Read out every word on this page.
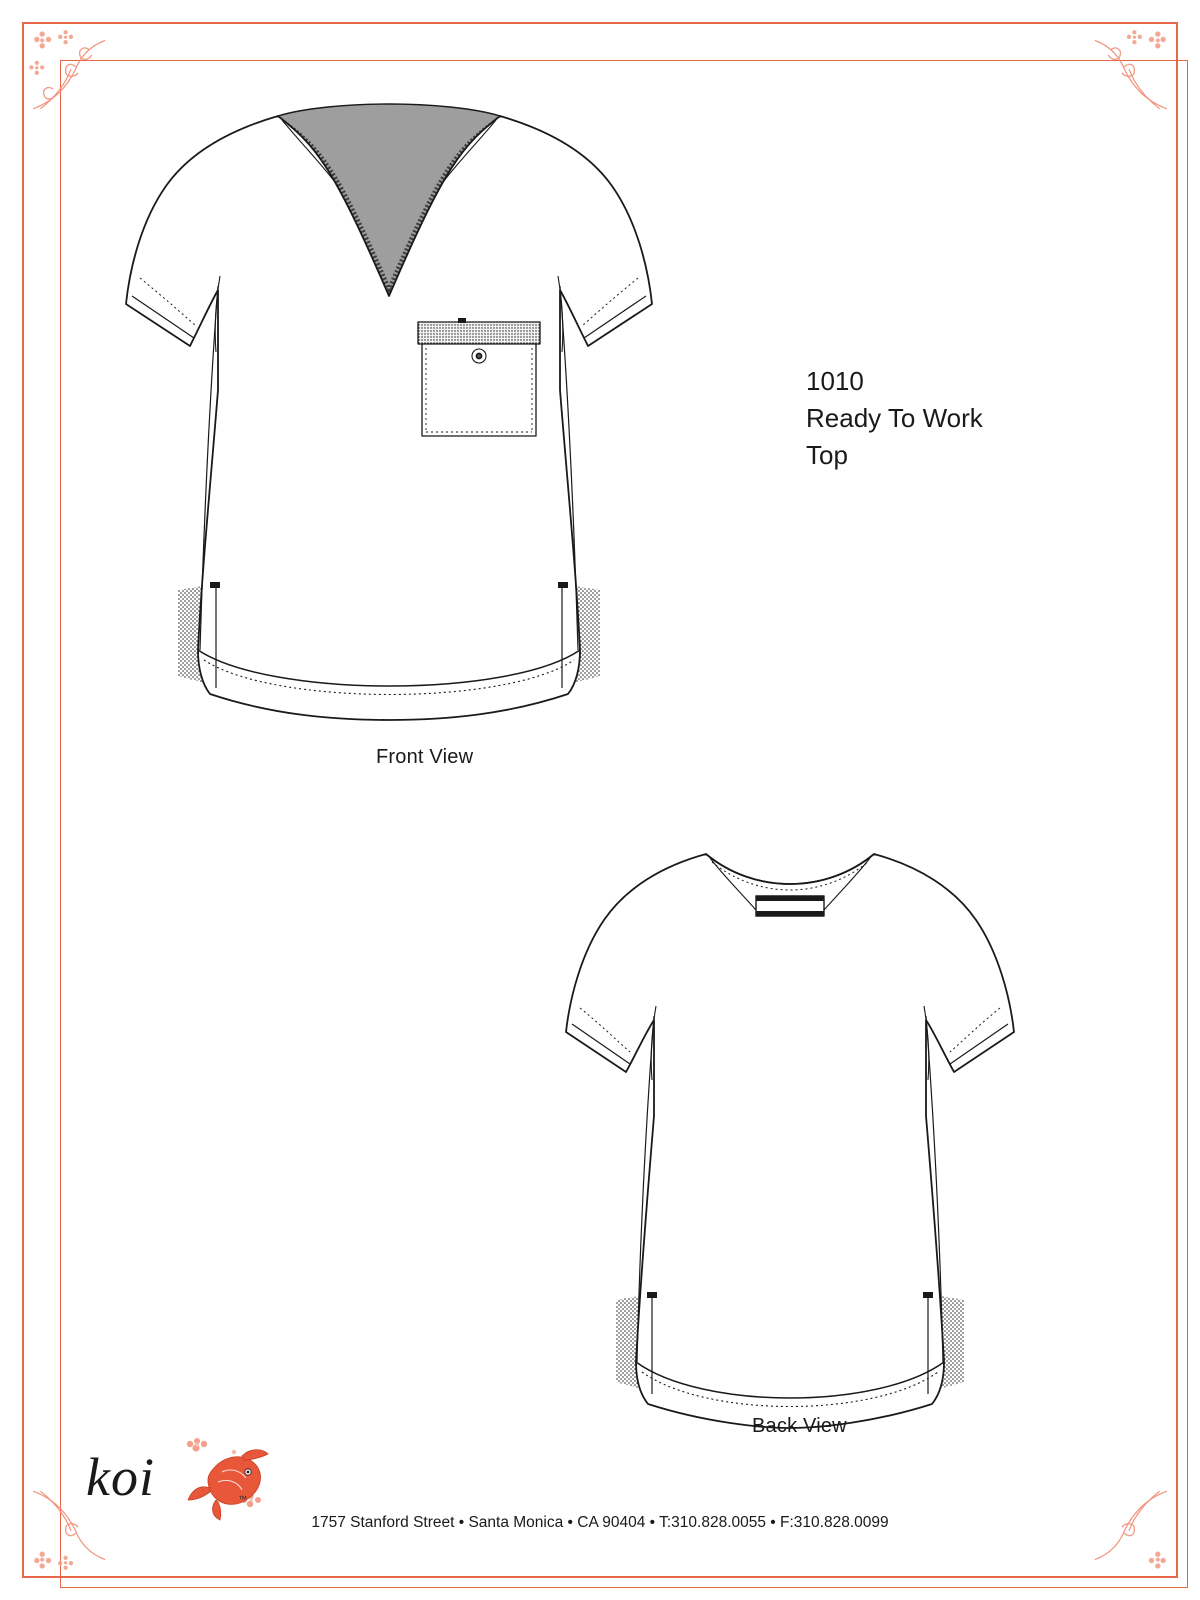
Front View
1010
Ready To Work
Top
Back View
koi	™
1757 Stanford Street • Santa Monica • CA 90404 • T:310.828.0055 • F:310.828.0099
